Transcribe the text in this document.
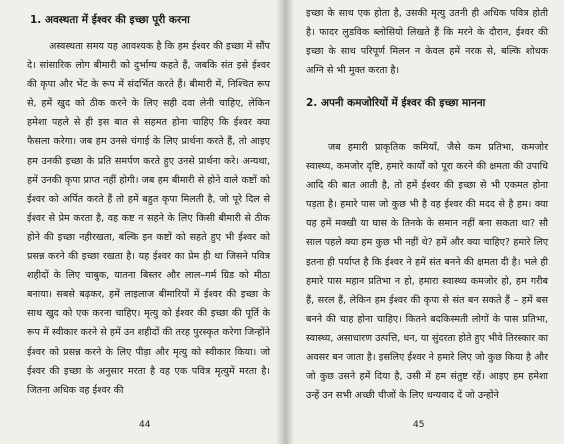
1. अवस्थता में ईश्वर की इच्छा पूरी करना

अस्वस्थता समय यह आवश्यक है कि हम ईश्वर की इच्छा में सौंप दे। सांसारिक लोग बीमारी को दुर्भाग्य कहते हैं, जबकि संत इसे ईश्वर की कृपा और भेंट के रूप में संदर्भित करते हैं। बीमारी में, निश्चित रूप से, हमें खुद को ठीक करने के लिए सही दवा लेनी चाहिए, लेकिन हमेशा पहले से ही इस बात से सहमत होना चाहिए कि ईश्वर क्या फैसला करेगा। जब हम उनसे चंगाई के लिए प्रार्थना करते हैं, तो आइए हम उनकी इच्छा के प्रति समर्पण करते हुए उनसे प्रार्थना करे। अन्यथा, हमें उनकी कृपा प्राप्त नहीं होगी। जब हम बीमारी से होने वाले कष्टों को ईश्वर को अर्पित करते हैं तो हमें बहुत कृपा मिलती है, जो पूरे दिल से ईश्वर से प्रेम करता है, वह कष्ट न सहने के लिए किसी बीमारी से ठीक होने की इच्छा नहीरखता, बल्कि इन कष्टों को सहते हुए भी ईश्वर को प्रसन्न करने की इच्छा रखता है। यह ईश्वर का प्रेम ही था जिसने पवित्र शहीदों के लिए चाबुक, यातना बिस्तर और लाल–गर्म ग्रिड को मीठा बनाया। सबसे बढ़कर, हमें लाइलाज बीमारियों में ईश्वर की इच्छा के साथ खुद को एक करना चाहिए। मृत्यु को ईश्वर की इच्छा की पूर्ति के रूप में स्वीकार करने से हमें उन शहीदों की तरह पुरस्कृत करेगा जिन्होंने ईश्वर को प्रसन्न करने के लिए पीड़ा और मृत्यु को स्वीकार किया। जो ईश्वर की इच्छा के अनुसार मरता है वह एक पवित्र मृत्युमें मरता है। जितना अधिक वह ईश्वर की

44

इच्छा के साथ एक होता है, उसकी मृत्यु उतनी ही अधिक पवित्र होती है। फादर लुडविक ब्लोसियो लिखते हैं कि मरने के दौरान, ईश्वर की इच्छा के साथ परिपूर्ण मिलन न केवल हमें नरक से, बल्कि शोधक अग्नि से भी मुक्त करता है।

2. अपनी कमजोरियों में ईश्वर की इच्छा मानना

जब हमारी प्राकृतिक कमियाँ, जैसे कम प्रतिभा, कमजोर स्वास्थ्य, कमजोर दृष्टि, हमारे कार्यों को पूरा करने की क्षमता की उपाधि आदि की बात आती है, तो हमें ईश्वर की इच्छा से भी एकमत होना पड़ता है। हमारे पास जो कुछ भी है वह ईश्वर की मदद से है हम। क्या यह हमें मक्खी या घास के तिनके के समान नहीं बना सकता था? सौ साल पहले क्या हम कुछ भी नहीं थे? हमें और क्या चाहिए? हमारे लिए इतना ही पर्याप्त है कि ईश्वर ने हमें संत बनने की क्षमता दी है। भले ही हमारे पास महान प्रतिभा न हो, हमारा स्वास्थ्य कमजोर हो, हम गरीब हैं, सरल हैं, लेकिन हम ईश्वर की कृपा से संत बन सकते हैं – हमें बस बनने की चाह होना चाहिए। कितने बदकिस्मती लोगों के पास प्रतिभा, स्वास्थ्य, असाधारण उत्पत्ति, धन, या सुंदरता होते हुए भीवे तिरस्कार का अवसर बन जाता है। इसलिए ईश्वर ने हमारे लिए जो कुछ किया है और जो कुछ उसने हमें दिया है, उसी में हम संतुष्ट रहें। आइए हम हमेशा उन्हें उन सभी अच्छी चीजों के लिए धन्यवाद दें जो उन्होंने

45
